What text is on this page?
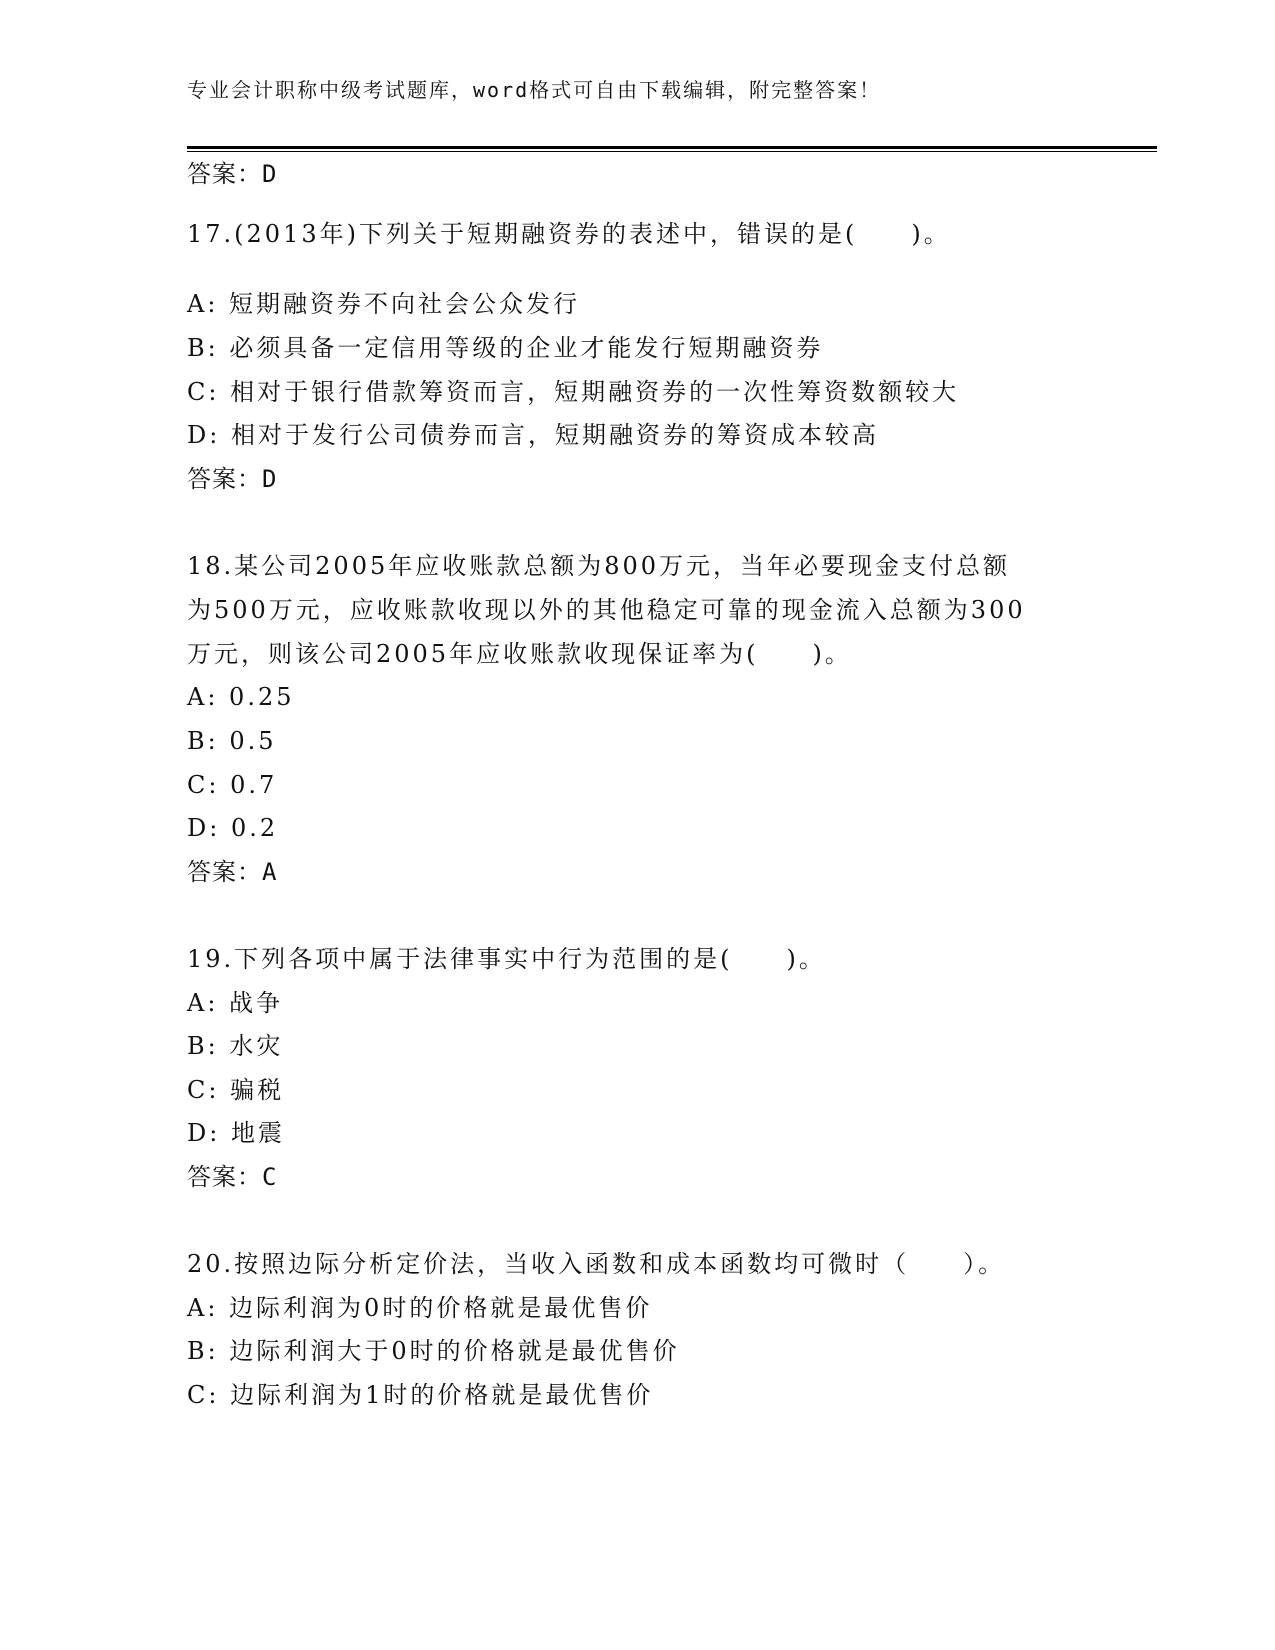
专业会计职称中级考试题库，word格式可自由下载编辑，附完整答案！
答案：D
17.(2013年)下列关于短期融资券的表述中，错误的是(　　)。
A: 短期融资券不向社会公众发行
B: 必须具备一定信用等级的企业才能发行短期融资券
C: 相对于银行借款筹资而言，短期融资券的一次性筹资数额较大
D: 相对于发行公司债券而言，短期融资券的筹资成本较高
答案：D
18.某公司2005年应收账款总额为800万元，当年必要现金支付总额
为500万元，应收账款收现以外的其他稳定可靠的现金流入总额为300
万元，则该公司2005年应收账款收现保证率为(　　)。
A: 0.25
B: 0.5
C: 0.7
D: 0.2
答案：A
19.下列各项中属于法律事实中行为范围的是(　　)。
A: 战争
B: 水灾
C: 骗税
D: 地震
答案：C
20.按照边际分析定价法，当收入函数和成本函数均可微时（　　）。
A: 边际利润为0时的价格就是最优售价
B: 边际利润大于0时的价格就是最优售价
C: 边际利润为1时的价格就是最优售价
